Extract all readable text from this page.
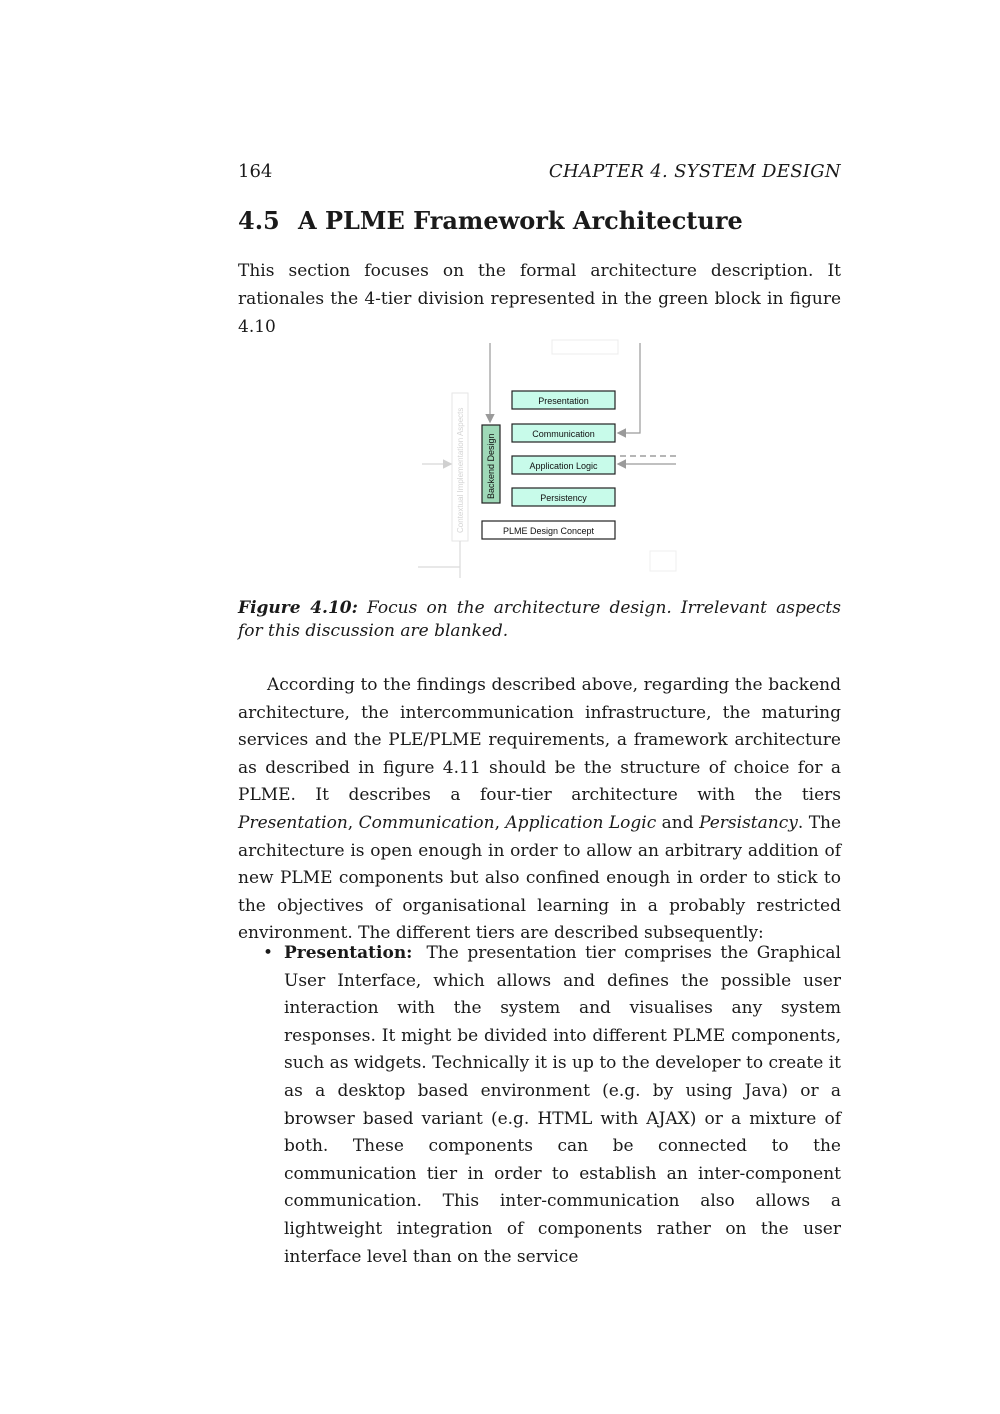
164	CHAPTER 4. SYSTEM DESIGN
4.5 A PLME Framework Architecture

This section focuses on the formal architecture description. It rationales the 4-tier division represented in the green block in figure 4.10

Contextual Implementation Aspects Backend Design
Presentation
Communication
Application Logic
Persistency
PLME Design Concept

Figure 4.10: Focus on the architecture design. Irrelevant aspects for this discussion are blanked.

According to the findings described above, regarding the backend architecture, the intercommunication infrastructure, the maturing services and the PLE/PLME requirements, a framework architecture as described in figure 4.11 should be the structure of choice for a PLME. It describes a four-tier architecture with the tiers Presentation, Communication, Application Logic and Persistancy. The architecture is open enough in order to allow an arbitrary addition of new PLME components but also confined enough in order to stick to the objectives of organisational learning in a probably restricted environment. The different tiers are described subsequently:

• Presentation: The presentation tier comprises the Graphical User Interface, which allows and defines the possible user interaction with the system and visualises any system responses. It might be divided into different PLME components, such as widgets. Technically it is up to the developer to create it as a desktop based environment (e.g. by using Java) or a browser based variant (e.g. HTML with AJAX) or a mixture of both. These components can be connected to the communication tier in order to establish an inter-component communication. This inter-communication also allows a lightweight integration of components rather on the user interface level than on the service
